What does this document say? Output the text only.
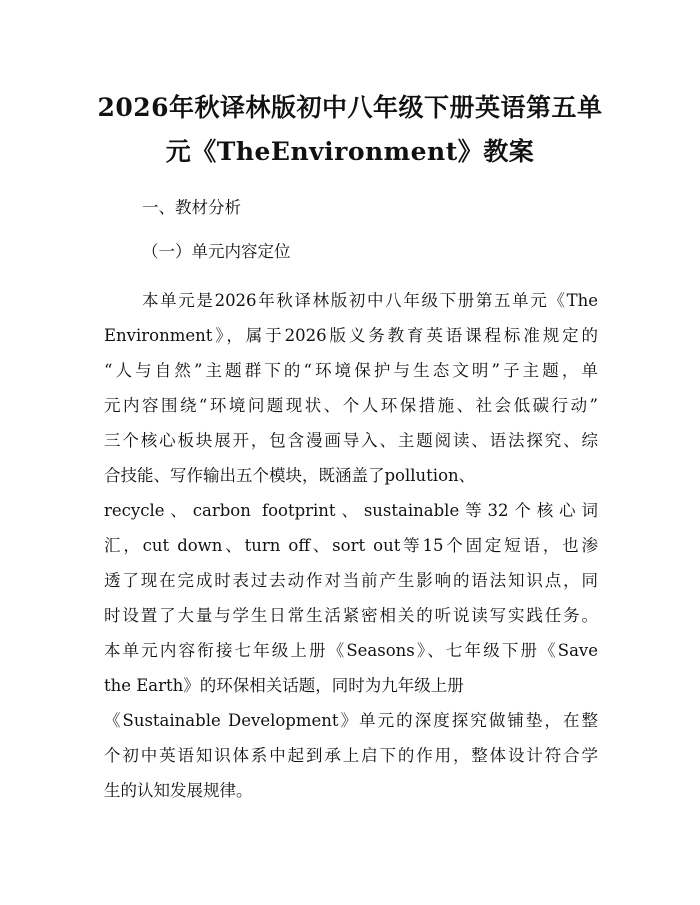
2026年秋译林版初中八年级下册英语第五单
元《TheEnvironment》教案
一、教材分析
（一）单元内容定位
本单元是2026年秋译林版初中八年级下册第五单元《The
Environment》，属于2026版义务教育英语课程标准规定的
“人与自然”主题群下的“环境保护与生态文明”子主题，单
元内容围绕“环境问题现状、个人环保措施、社会低碳行动”
三个核心板块展开，包含漫画导入、主题阅读、语法探究、综
合技能、写作输出五个模块，既涵盖了pollution、
recycle、carbon footprint、sustainable等32个核心词
汇，cut down、turn off、sort out等15个固定短语，也渗
透了现在完成时表过去动作对当前产生影响的语法知识点，同
时设置了大量与学生日常生活紧密相关的听说读写实践任务。
本单元内容衔接七年级上册《Seasons》、七年级下册《Save
the Earth》的环保相关话题，同时为九年级上册
《Sustainable Development》单元的深度探究做铺垫，在整
个初中英语知识体系中起到承上启下的作用，整体设计符合学
生的认知发展规律。
